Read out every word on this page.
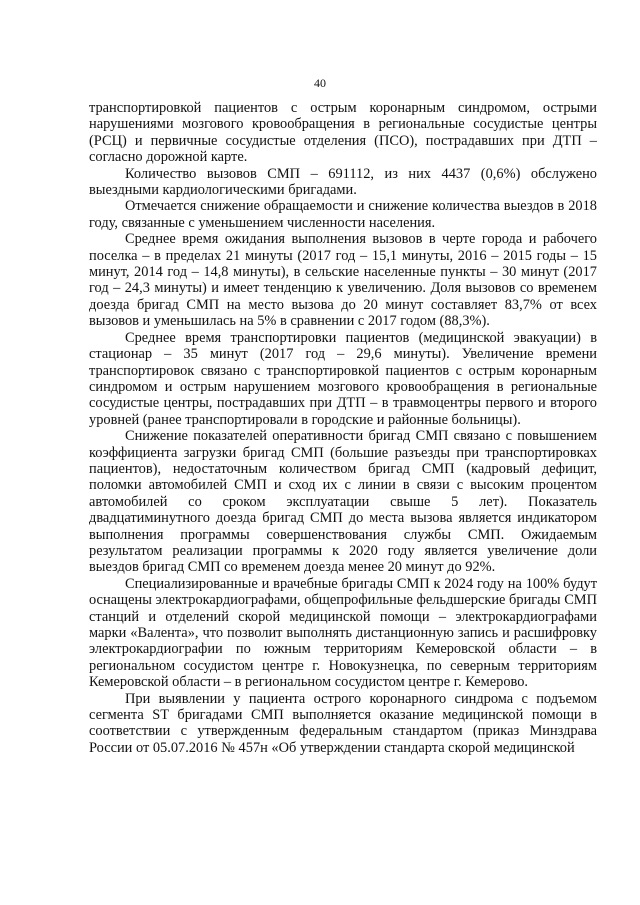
40

транспортировкой пациентов с острым коронарным синдромом, острыми нарушениями мозгового кровообращения в региональные сосудистые центры (РСЦ) и первичные сосудистые отделения (ПСО), пострадавших при ДТП – согласно дорожной карте.

Количество вызовов СМП – 691112, из них 4437 (0,6%) обслужено выездными кардиологическими бригадами.

Отмечается снижение обращаемости и снижение количества выездов в 2018 году, связанные с уменьшением численности населения.

Среднее время ожидания выполнения вызовов в черте города и рабочего поселка – в пределах 21 минуты (2017 год – 15,1 минуты, 2016 – 2015 годы – 15 минут, 2014 год – 14,8 минуты), в сельские населенные пункты – 30 минут (2017 год – 24,3 минуты) и имеет тенденцию к увеличению. Доля вызовов со временем доезда бригад СМП на место вызова до 20 минут составляет 83,7% от всех вызовов и уменьшилась на 5% в сравнении с 2017 годом (88,3%).

Среднее время транспортировки пациентов (медицинской эвакуации) в стационар – 35 минут (2017 год – 29,6 минуты). Увеличение времени транспортировок связано с транспортировкой пациентов с острым коронарным синдромом и острым нарушением мозгового кровообращения в региональные сосудистые центры, пострадавших при ДТП – в травмоцентры первого и второго уровней (ранее транспортировали в городские и районные больницы).

Снижение показателей оперативности бригад СМП связано с повышением коэффициента загрузки бригад СМП (большие разъезды при транспортировках пациентов), недостаточным количеством бригад СМП (кадровый дефицит, поломки автомобилей СМП и сход их с линии в связи с высоким процентом автомобилей со сроком эксплуатации свыше 5 лет). Показатель двадцатиминутного доезда бригад СМП до места вызова является индикатором выполнения программы совершенствования службы СМП. Ожидаемым результатом реализации программы к 2020 году является увеличение доли выездов бригад СМП со временем доезда менее 20 минут до 92%.

Специализированные и врачебные бригады СМП к 2024 году на 100% будут оснащены электрокардиографами, общепрофильные фельдшерские бригады СМП станций и отделений скорой медицинской помощи – электрокардиографами марки «Валента», что позволит выполнять дистанционную запись и расшифровку электрокардиографии по южным территориям Кемеровской области – в региональном сосудистом центре г. Новокузнецка, по северным территориям Кемеровской области – в региональном сосудистом центре г. Кемерово.

При выявлении у пациента острого коронарного синдрома с подъемом сегмента ST бригадами СМП выполняется оказание медицинской помощи в соответствии с утвержденным федеральным стандартом (приказ Минздрава России от 05.07.2016 № 457н «Об утверждении стандарта скорой медицинской
